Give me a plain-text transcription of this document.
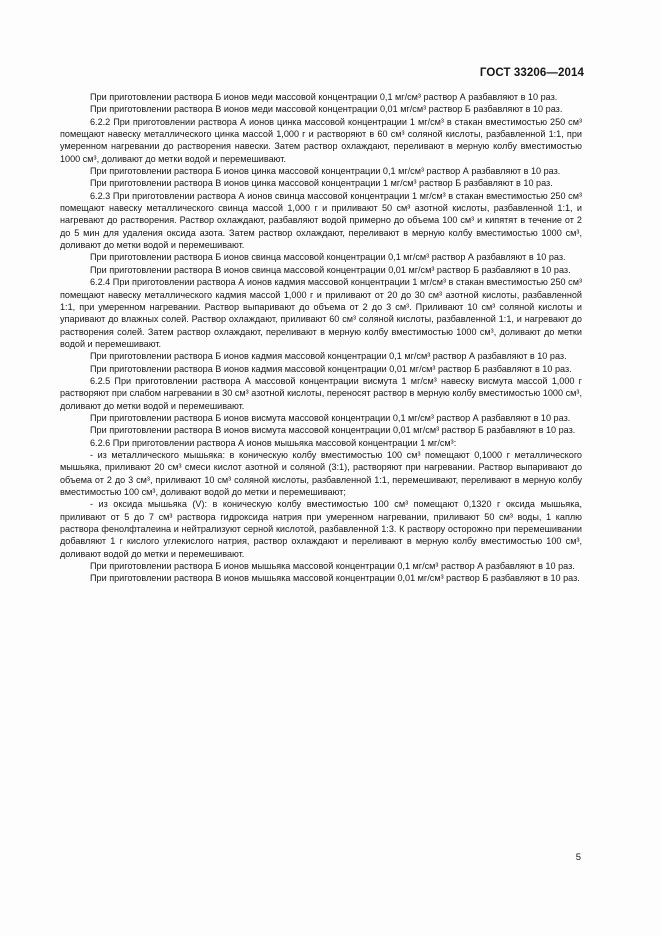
ГОСТ 33206—2014

При приготовлении раствора Б ионов меди массовой концентрации 0,1 мг/см³ раствор А разбавляют в 10 раз.

При приготовлении раствора В ионов меди массовой концентрации 0,01 мг/см³ раствор Б разбавляют в 10 раз.

6.2.2 При приготовлении раствора А ионов цинка массовой концентрации 1 мг/см³ в стакан вместимостью 250 см³ помещают навеску металлического цинка массой 1,000 г и растворяют в 60 см³ соляной кислоты, разбавленной 1:1, при умеренном нагревании до растворения навески. Затем раствор охлаждают, переливают в мерную колбу вместимостью 1000 см³, доливают до метки водой и перемешивают.

При приготовлении раствора Б ионов цинка массовой концентрации 0,1 мг/см³ раствор А разбавляют в 10 раз.

При приготовлении раствора В ионов цинка массовой концентрации 1 мг/см³ раствор Б разбавляют в 10 раз.

6.2.3 При приготовлении раствора А ионов свинца массовой концентрации 1 мг/см³ в стакан вместимостью 250 см³ помещают навеску металлического свинца массой 1,000 г и приливают 50 см³ азотной кислоты, разбавленной 1:1, и нагревают до растворения. Раствор охлаждают, разбавляют водой примерно до объема 100 см³ и кипятят в течение от 2 до 5 мин для удаления оксида азота. Затем раствор охлаждают, переливают в мерную колбу вместимостью 1000 см³, доливают до метки водой и перемешивают.

При приготовлении раствора Б ионов свинца массовой концентрации 0,1 мг/см³ раствор А разбавляют в 10 раз.

При приготовлении раствора В ионов свинца массовой концентрации 0,01 мг/см³ раствор Б разбавляют в 10 раз.

6.2.4 При приготовлении раствора А ионов кадмия массовой концентрации 1 мг/см³ в стакан вместимостью 250 см³ помещают навеску металлического кадмия массой 1,000 г и приливают от 20 до 30 см³ азотной кислоты, разбавленной 1:1, при умеренном нагревании. Раствор выпаривают до объема от 2 до 3 см³. Приливают 10 см³ соляной кислоты и упаривают до влажных солей. Раствор охлаждают, приливают 60 см³ соляной кислоты, разбавленной 1:1, и нагревают до растворения солей. Затем раствор охлаждают, переливают в мерную колбу вместимостью 1000 см³, доливают до метки водой и перемешивают.

При приготовлении раствора Б ионов кадмия массовой концентрации 0,1 мг/см³ раствор А разбавляют в 10 раз.

При приготовлении раствора В ионов кадмия массовой концентрации 0,01 мг/см³ раствор Б разбавляют в 10 раз.

6.2.5 При приготовлении раствора А массовой концентрации висмута 1 мг/см³ навеску висмута массой 1,000 г растворяют при слабом нагревании в 30 см³ азотной кислоты, переносят раствор в мерную колбу вместимостью 1000 см³, доливают до метки водой и перемешивают.

При приготовлении раствора Б ионов висмута массовой концентрации 0,1 мг/см³ раствор А разбавляют в 10 раз.

При приготовлении раствора В ионов висмута массовой концентрации 0,01 мг/см³ раствор Б разбавляют в 10 раз.

6.2.6 При приготовлении раствора А ионов мышьяка массовой концентрации 1 мг/см³:

- из металлического мышьяка: в коническую колбу вместимостью 100 см³ помещают 0,1000 г металлического мышьяка, приливают 20 см³ смеси кислот азотной и соляной (3:1), растворяют при нагревании. Раствор выпаривают до объема от 2 до 3 см³, приливают 10 см³ соляной кислоты, разбавленной 1:1, перемешивают, переливают в мерную колбу вместимостью 100 см³, доливают водой до метки и перемешивают;

- из оксида мышьяка (V): в коническую колбу вместимостью 100 см³ помещают 0,1320 г оксида мышьяка, приливают от 5 до 7 см³ раствора гидроксида натрия при умеренном нагревании, приливают 50 см³ воды, 1 каплю раствора фенолфталеина и нейтрализуют серной кислотой, разбавленной 1:3. К раствору осторожно при перемешивании добавляют 1 г кислого углекислого натрия, раствор охлаждают и переливают в мерную колбу вместимостью 100 см³, доливают водой до метки и перемешивают.

При приготовлении раствора Б ионов мышьяка массовой концентрации 0,1 мг/см³ раствор А разбавляют в 10 раз.

При приготовлении раствора В ионов мышьяка массовой концентрации 0,01 мг/см³ раствор Б разбавляют в 10 раз.

5
